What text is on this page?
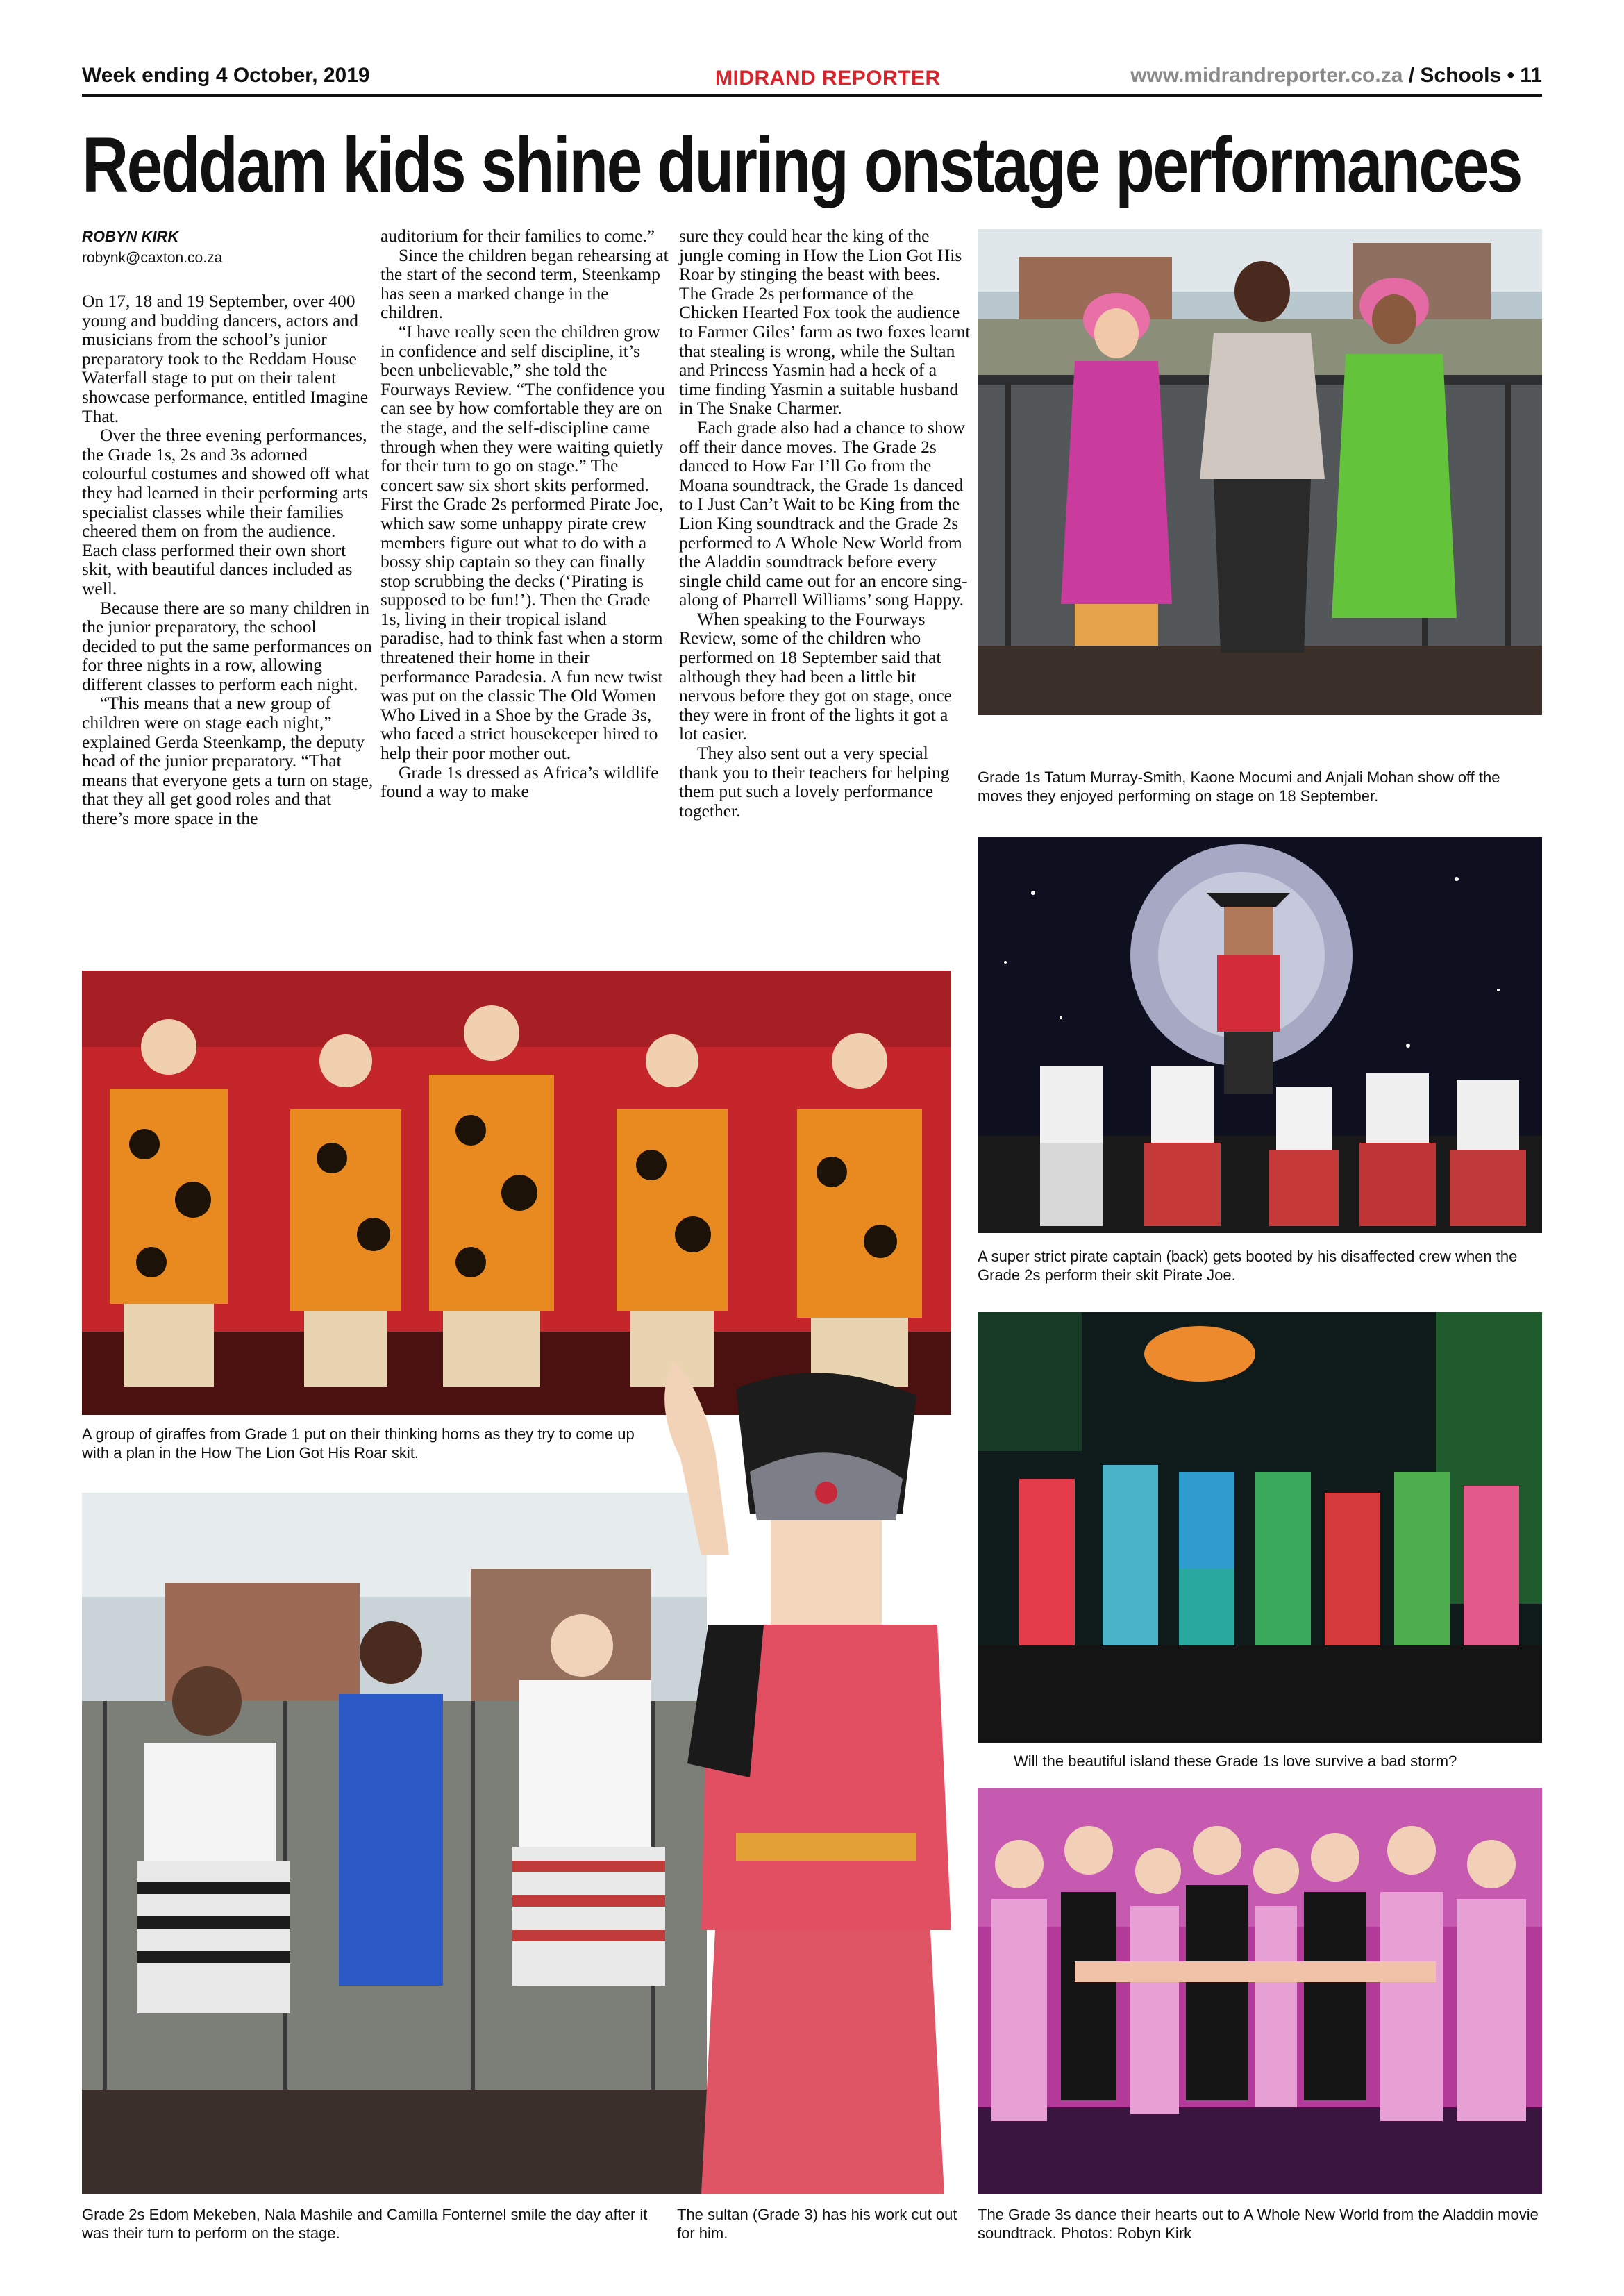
Week ending 4 October, 2019	MIDRAND REPORTER	www.midrandreporter.co.za / Schools • 11
Reddam kids shine during onstage performances
ROBYN KIRK
robynk@caxton.co.za

On 17, 18 and 19 September, over 400 young and budding dancers, actors and musicians from the school’s junior preparatory took to the Reddam House Waterfall stage to put on their talent showcase performance, entitled Imagine That.

Over the three evening performances, the Grade 1s, 2s and 3s adorned colourful costumes and showed off what they had learned in their performing arts specialist classes while their families cheered them on from the audience. Each class performed their own short skit, with beautiful dances included as well.

Because there are so many children in the junior preparatory, the school decided to put the same performances on for three nights in a row, allowing different classes to perform each night.

“This means that a new group of children were on stage each night,” explained Gerda Steenkamp, the deputy head of the junior preparatory. “That means that everyone gets a turn on stage, that they all get good roles and that there’s more space in the

auditorium for their families to come.”

Since the children began rehearsing at the start of the second term, Steenkamp has seen a marked change in the children.

“I have really seen the children grow in confidence and self discipline, it’s been unbelievable,” she told the Fourways Review. “The confidence you can see by how comfortable they are on the stage, and the self-discipline came through when they were waiting quietly for their turn to go on stage.” The concert saw six short skits performed. First the Grade 2s performed Pirate Joe, which saw some unhappy pirate crew members figure out what to do with a bossy ship captain so they can finally stop scrubbing the decks (‘Pirating is supposed to be fun!’). Then the Grade 1s, living in their tropical island paradise, had to think fast when a storm threatened their home in their performance Paradesia. A fun new twist was put on the classic The Old Women Who Lived in a Shoe by the Grade 3s, who faced a strict housekeeper hired to help their poor mother out.

Grade 1s dressed as Africa’s wildlife found a way to make

sure they could hear the king of the jungle coming in How the Lion Got His Roar by stinging the beast with bees. The Grade 2s performance of the Chicken Hearted Fox took the audience to Farmer Giles’ farm as two foxes learnt that stealing is wrong, while the Sultan and Princess Yasmin had a heck of a time finding Yasmin a suitable husband in The Snake Charmer.

Each grade also had a chance to show off their dance moves. The Grade 2s danced to How Far I’ll Go from the Moana soundtrack, the Grade 1s danced to I Just Can’t Wait to be King from the Lion King soundtrack and the Grade 2s performed to A Whole New World from the Aladdin soundtrack before every single child came out for an encore sing-along of Pharrell Williams’ song Happy.

When speaking to the Fourways Review, some of the children who performed on 18 September said that although they had been a little bit nervous before they got on stage, once they were in front of the lights it got a lot easier.

They also sent out a very special thank you to their teachers for helping them put such a lovely performance together.

Grade 1s Tatum Murray-Smith, Kaone Mocumi and Anjali Mohan show off the moves they enjoyed performing on stage on 18 September.
A super strict pirate captain (back) gets booted by his disaffected crew when the Grade 2s perform their skit Pirate Joe.
Will the beautiful island these Grade 1s love survive a bad storm?
A group of giraffes from Grade 1 put on their thinking horns as they try to come up with a plan in the How The Lion Got His Roar skit.
Grade 2s Edom Mekeben, Nala Mashile and Camilla Fonternel smile the day after it was their turn to perform on the stage.
The sultan (Grade 3) has his work cut out for him.
The Grade 3s dance their hearts out to A Whole New World from the Aladdin movie soundtrack. Photos: Robyn Kirk
